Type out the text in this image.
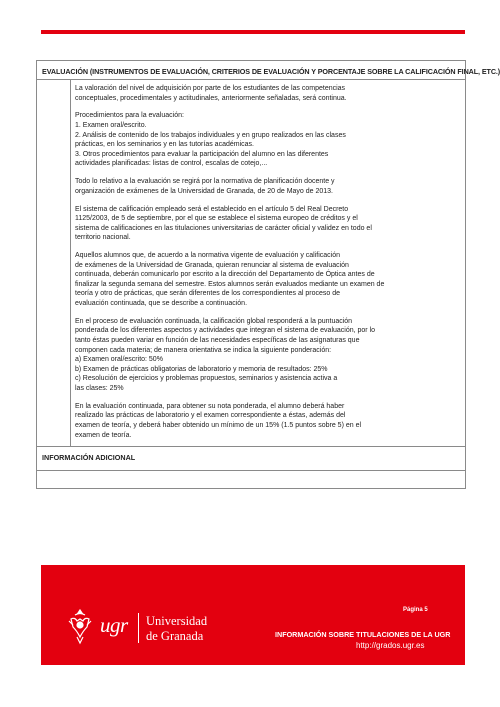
EVALUACIÓN (INSTRUMENTOS DE EVALUACIÓN, CRITERIOS DE EVALUACIÓN Y PORCENTAJE SOBRE LA CALIFICACIÓN FINAL, ETC.)

La valoración del nivel de adquisición por parte de los estudiantes de las competencias
conceptuales, procedimentales y actitudinales, anteriormente señaladas, será continua.

Procedimientos para la evaluación:
1. Examen oral/escrito.
2. Análisis de contenido de los trabajos individuales y en grupo realizados en las clases
prácticas, en los seminarios y en las tutorías académicas.
3. Otros procedimientos para evaluar la participación del alumno en las diferentes
actividades planificadas: listas de control, escalas de cotejo,...

Todo lo relativo a la evaluación se regirá por la normativa de planificación docente y
organización de exámenes de la Universidad de Granada, de 20 de Mayo de 2013.

El sistema de calificación empleado será el establecido en el artículo 5 del Real Decreto
1125/2003, de 5 de septiembre, por el que se establece el sistema europeo de créditos y el
sistema de calificaciones en las titulaciones universitarias de carácter oficial y validez en todo el
territorio nacional.

Aquellos alumnos que, de acuerdo a la normativa vigente de evaluación y calificación
de exámenes de la Universidad de Granada, quieran renunciar al sistema de evaluación
continuada, deberán comunicarlo por escrito a la dirección del Departamento de Óptica antes de
finalizar la segunda semana del semestre. Estos alumnos serán evaluados mediante un examen de
teoría y otro de prácticas, que serán diferentes de los correspondientes al proceso de
evaluación continuada, que se describe a continuación.

En el proceso de evaluación continuada, la calificación global responderá a la puntuación
ponderada de los diferentes aspectos y actividades que integran el sistema de evaluación, por lo
tanto éstas pueden variar en función de las necesidades específicas de las asignaturas que
componen cada materia; de manera orientativa se indica la siguiente ponderación:
a) Examen oral/escrito: 50%
b) Examen de prácticas obligatorias de laboratorio y memoria de resultados: 25%
c) Resolución de ejercicios y problemas propuestos, seminarios y asistencia activa a
las clases: 25%

En la evaluación continuada, para obtener su nota ponderada, el alumno deberá haber
realizado las prácticas de laboratorio y el examen correspondiente a éstas, además del
examen de teoría, y deberá haber obtenido un mínimo de un 15% (1.5 puntos sobre 5) en el
examen de teoría.

INFORMACIÓN ADICIONAL
ugr Universidad
de Granada
Página 5
INFORMACIÓN SOBRE TITULACIONES DE LA UGR
http://grados.ugr.es
